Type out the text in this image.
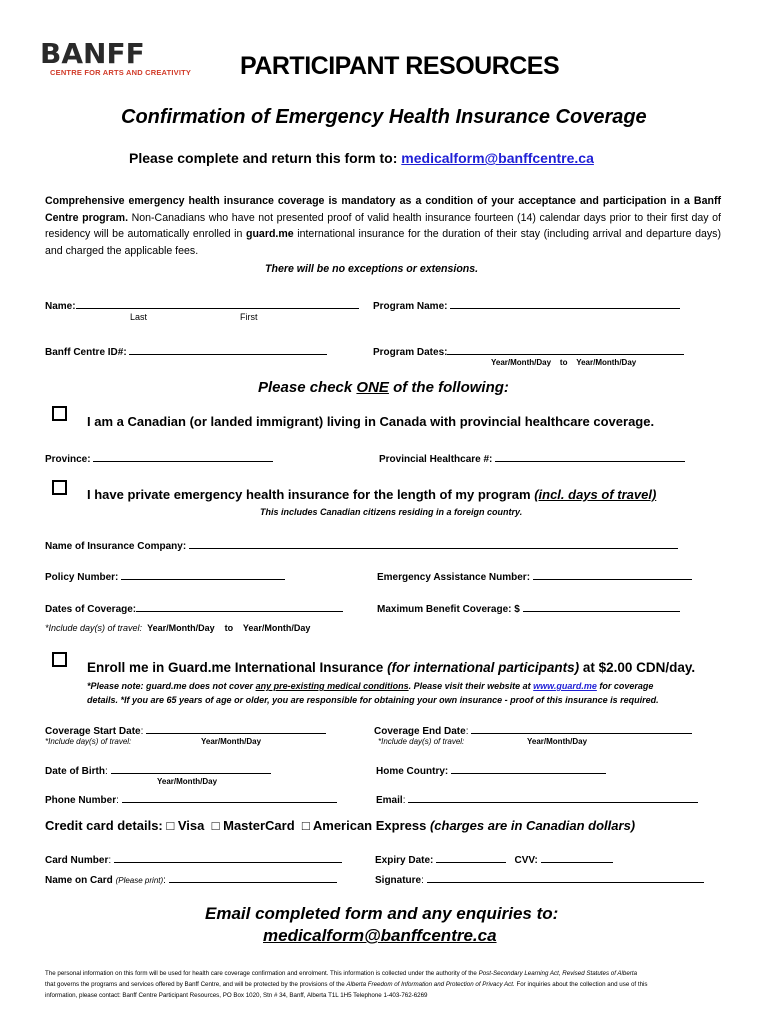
BANFF
CENTRE FOR ARTS AND CREATIVITY PARTICIPANT RESOURCES
Confirmation of Emergency Health Insurance Coverage
Please complete and return this form to: medicalform@banffcentre.ca
Comprehensive emergency health insurance coverage is mandatory as a condition of your acceptance and participation in a Banff Centre program. Non-Canadians who have not presented proof of valid health insurance fourteen (14) calendar days prior to their first day of residency will be automatically enrolled in guard.me international insurance for the duration of their stay (including arrival and departure days) and charged the applicable fees.
There will be no exceptions or extensions.
Name:
Last	First
Program Name:
Banff Centre ID#:	Program Dates:
Year/Month/Day    to    Year/Month/Day
Please check ONE of the following:
I am a Canadian (or landed immigrant) living in Canada with provincial healthcare coverage.
Province:	Provincial Healthcare #:
I have private emergency health insurance for the length of my program (incl. days of travel)
This includes Canadian citizens residing in a foreign country.
Name of Insurance Company:
Policy Number:	Emergency Assistance Number:
Dates of Coverage:	Maximum Benefit Coverage: $
*Include day(s) of travel: Year/Month/Day    to    Year/Month/Day
Enroll me in Guard.me International Insurance (for international participants) at $2.00 CDN/day.
*Please note: guard.me does not cover any pre-existing medical conditions. Please visit their website at www.guard.me for coverage
details. *If you are 65 years of age or older, you are responsible for obtaining your own insurance - proof of this insurance is required.
Coverage Start Date:	Coverage End Date:
*Include day(s) of travel:	Year/Month/Day	*Include day(s) of travel:	Year/Month/Day
Date of Birth:	Home Country:
Year/Month/Day
Phone Number:	Email:
Credit card details: □ Visa □ MasterCard □ American Express (charges are in Canadian dollars)
Card Number:	Expiry Date:	CVV:
Name on Card (Please print):	Signature:
Email completed form and any enquiries to:
medicalform@banffcentre.ca
The personal information on this form will be used for health care coverage confirmation and enrolment. This information is collected under the authority of the Post-Secondary Learning Act, Revised Statutes of Alberta
that governs the programs and services offered by Banff Centre, and will be protected by the provisions of the Alberta Freedom of Information and Protection of Privacy Act. For inquiries about the collection and use of this
information, please contact: Banff Centre Participant Resources, PO Box 1020, Stn # 34, Banff, Alberta T1L 1H5 Telephone 1-403-762-6269
